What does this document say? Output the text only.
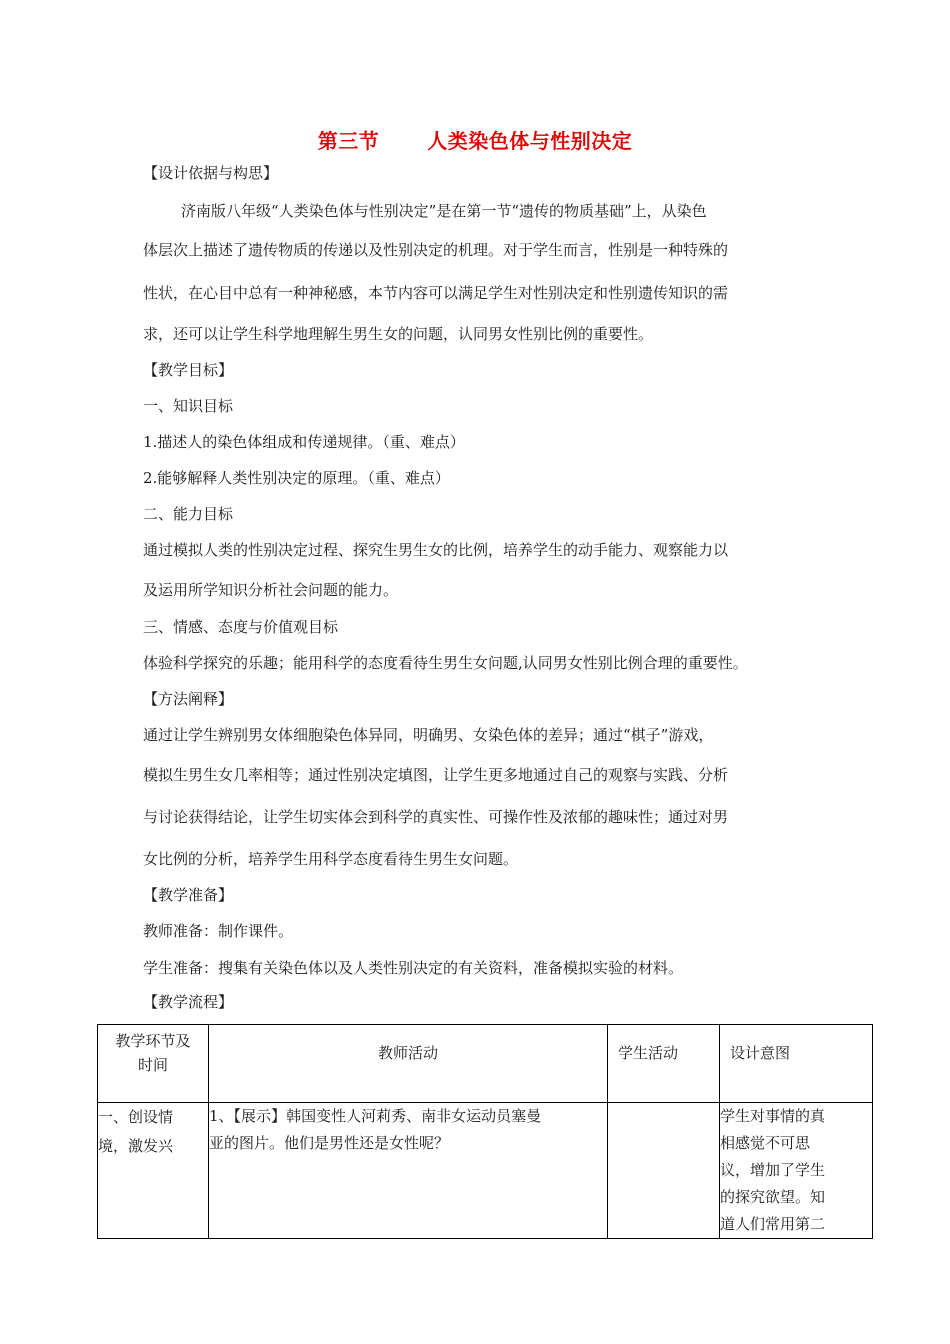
第三节 人类染色体与性别决定
【设计依据与构思】
济南版八年级“人类染色体与性别决定”是在第一节“遗传的物质基础”上，从染色
体层次上描述了遗传物质的传递以及性别决定的机理。对于学生而言，性别是一种特殊的
性状，在心目中总有一种神秘感，本节内容可以满足学生对性别决定和性别遗传知识的需
求，还可以让学生科学地理解生男生女的问题，认同男女性别比例的重要性。
【教学目标】
一、知识目标
1.描述人的染色体组成和传递规律。（重、难点）
2.能够解释人类性别决定的原理。（重、难点）
二、能力目标
通过模拟人类的性别决定过程、探究生男生女的比例，培养学生的动手能力、观察能力以
及运用所学知识分析社会问题的能力。
三、情感、态度与价值观目标
体验科学探究的乐趣；能用科学的态度看待生男生女问题,认同男女性别比例合理的重要性。
【方法阐释】
通过让学生辨别男女体细胞染色体异同，明确男、女染色体的差异；通过“棋子”游戏，
模拟生男生女几率相等；通过性别决定填图，让学生更多地通过自己的观察与实践、分析
与讨论获得结论，让学生切实体会到科学的真实性、可操作性及浓郁的趣味性；通过对男
女比例的分析，培养学生用科学态度看待生男生女问题。
【教学准备】
教师准备：制作课件。
学生准备：搜集有关染色体以及人类性别决定的有关资料，准备模拟实验的材料。
【教学流程】
教学环节及
时间	教师活动	学生活动	设计意图
一、创设情
境，激发兴	1、【展示】韩国变性人河莉秀、南非女运动员塞曼
亚的图片。他们是男性还是女性呢？		学生对事情的真
相感觉不可思
议，增加了学生
的探究欲望。知
道人们常用第二
